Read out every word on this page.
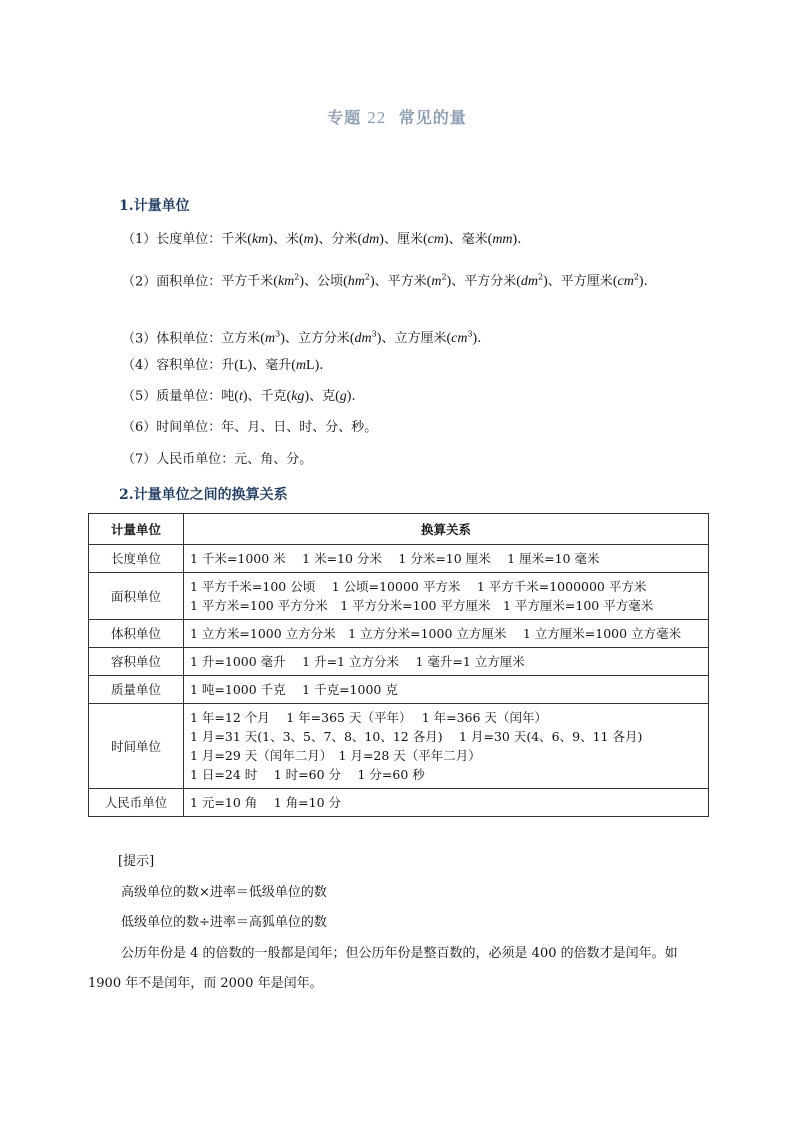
专题 22 常见的量
1.计量单位
（1）长度单位：千米(km)、米(m)、分米(dm)、厘米(cm)、毫米(mm).
（2）面积单位：平方千米$(km^2)$、公顷$(hm^2)$、平方米$(m^2)$、平方分米$(dm^2)$、平方厘米$(cm^2)$.
（3）体积单位：立方米$(m^3)$、立方分米$(dm^3)$、立方厘米$(cm^3)$.
（4）容积单位：升(L)、毫升(mL).
（5）质量单位：吨(t)、千克(kg)、克(g).
（6）时间单位：年、月、日、时、分、秒。
（7）人民币单位：元、角、分。
2.计量单位之间的换算关系
计量单位	换算关系
长度单位	1 千米=1000 米　 1 米=10 分米　 1 分米=10 厘米　 1 厘米=10 毫米

面积单位	1 平方千米=100 公顷　 1 公顷=10000 平方米　 1 平方千米=1000000 平方米
1 平方米=100 平方分米　1 平方分米=100 平方厘米　1 平方厘米=100 平方毫米

体积单位	1 立方米=1000 立方分米　1 立方分米=1000 立方厘米　 1 立方厘米=1000 立方毫米

容积单位	1 升=1000 毫升　 1 升=1 立方分米　 1 毫升=1 立方厘米

质量单位	1 吨=1000 千克　 1 千克=1000 克

时间单位	1 年=12 个月　 1 年=365 天（平年）　 1 年=366 天（闰年）
1 月=31 天(1、3、5、7、8、10、12 各月)　 1 月=30 天(4、6、9、11 各月)
1 月=29 天（闰年二月）　1 月=28 天（平年二月）
1 日=24 时　 1 时=60 分　 1 分=60 秒

人民币单位	1 元=10 角　 1 角=10 分
[提示]
高级单位的数×进率＝低级单位的数
低级单位的数÷进率＝高狐单位的数
公历年份是 4 的倍数的一般都是闰年；但公历年份是整百数的，必须是 400 的倍数才是闰年。如 1900 年不是闰年，而 2000 年是闰年。
